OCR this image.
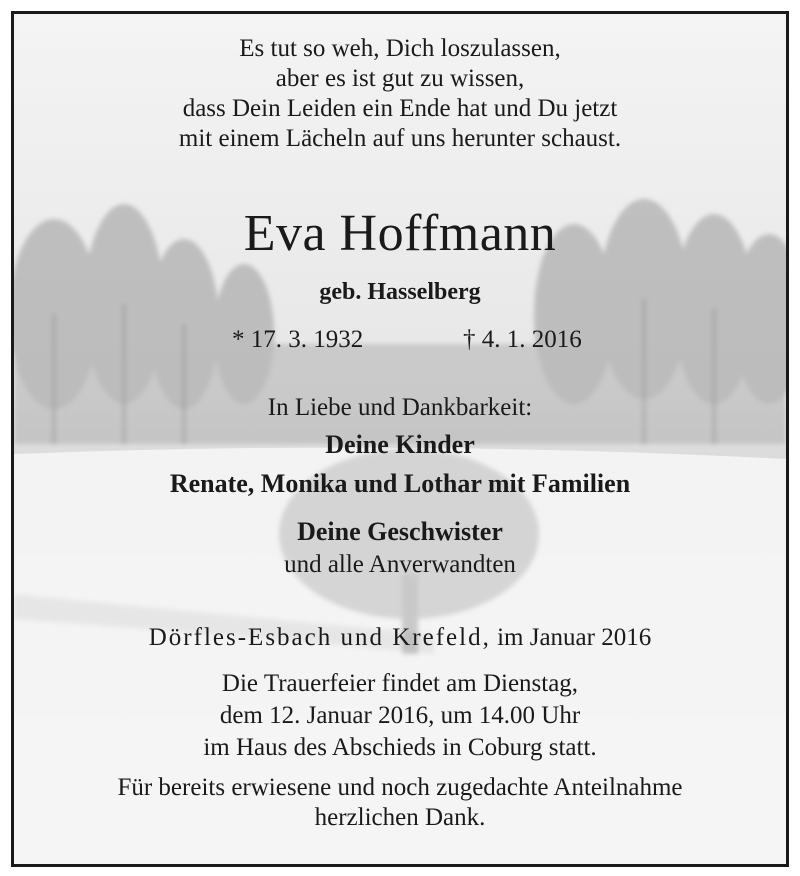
Es tut so weh, Dich loszulassen,
aber es ist gut zu wissen,
dass Dein Leiden ein Ende hat und Du jetzt
mit einem Lächeln auf uns herunter schaust.
Eva Hoffmann
geb. Hasselberg
* 17. 3. 1932	† 4. 1. 2016
In Liebe und Dankbarkeit:
Deine Kinder
Renate, Monika und Lothar mit Familien
Deine Geschwister
und alle Anverwandten
Dörfles-Esbach und Krefeld, im Januar 2016
Die Trauerfeier findet am Dienstag,
dem 12. Januar 2016, um 14.00 Uhr
im Haus des Abschieds in Coburg statt.
Für bereits erwiesene und noch zugedachte Anteilnahme
herzlichen Dank.
